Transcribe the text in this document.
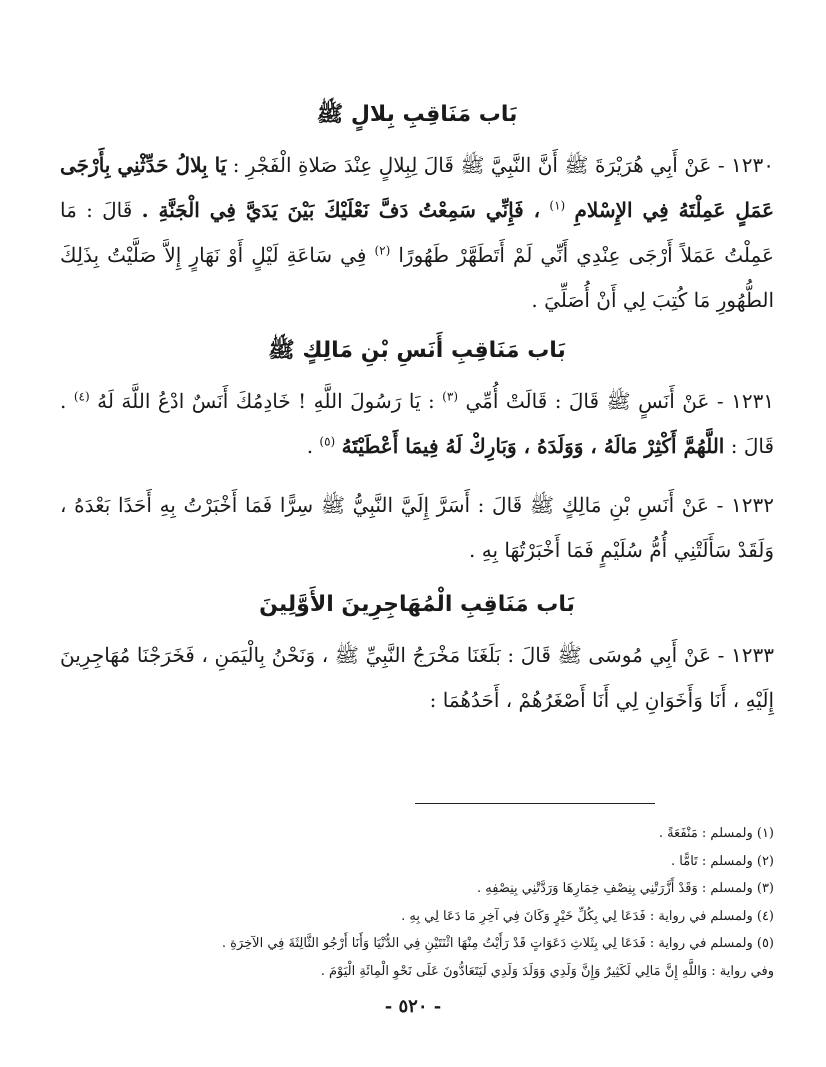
بَاب مَنَاقِبِ بِلالٍ ﷺ

١٢٣٠ - عَنْ أَبِي هُرَيْرَةَ ﷺ أَنَّ النَّبِيَّ ﷺ قَالَ لِبِلالٍ عِنْدَ صَلاةِ الْفَجْرِ : يَا بِلالُ حَدِّثْنِي بِأَرْجَى عَمَلٍ عَمِلْتَهُ فِي الإِسْلامِ $^{(١)}$ ، فَإِنِّي سَمِعْتُ دَفَّ نَعْلَيْكَ بَيْنَ يَدَيَّ فِي الْجَنَّةِ . قَالَ : مَا عَمِلْتُ عَمَلاً أَرْجَى عِنْدِي أَنِّي لَمْ أَتَطَهَّرْ طَهُورًا $^{(٢)}$ فِي سَاعَةِ لَيْلٍ أَوْ نَهَارٍ إِلاَّ صَلَّيْتُ بِذَلِكَ الطُّهُورِ مَا كُتِبَ لِي أَنْ أُصَلِّيَ .

بَاب مَنَاقِبِ أَنَسِ بْنِ مَالِكٍ ﷺ

١٢٣١ - عَنْ أَنَسٍ ﷺ قَالَ : قَالَتْ أُمِّي $^{(٣)}$ : يَا رَسُولَ اللَّهِ ! خَادِمُكَ أَنَسٌ ادْعُ اللَّهَ لَهُ $^{(٤)}$ . قَالَ : اللَّهُمَّ أَكْثِرْ مَالَهُ ، وَوَلَدَهُ ، وَبَارِكْ لَهُ فِيمَا أَعْطَيْتَهُ $^{(٥)}$ .

١٢٣٢ - عَنْ أَنَسِ بْنِ مَالِكٍ ﷺ قَالَ : أَسَرَّ إِلَيَّ النَّبِيُّ ﷺ سِرًّا فَمَا أَخْبَرْتُ بِهِ أَحَدًا بَعْدَهُ ، وَلَقَدْ سَأَلَتْنِي أُمُّ سُلَيْمٍ فَمَا أَخْبَرْتُهَا بِهِ .

بَاب مَنَاقِبِ الْمُهَاجِرِينَ الأَوَّلِينَ

١٢٣٣ - عَنْ أَبِي مُوسَى ﷺ قَالَ : بَلَغَنَا مَخْرَجُ النَّبِيِّ ﷺ ، وَنَحْنُ بِالْيَمَنِ ، فَخَرَجْنَا مُهَاجِرِينَ إِلَيْهِ ، أَنَا وَأَخَوَانِ لِي أَنَا أَصْغَرُهُمْ ، أَحَدُهُمَا :

(١) ولمسلم : مَنْفَعَةً .

(٢) ولمسلم : تَامًّا .

(٣) ولمسلم : وَقَدْ أَزَّرَتْنِي بِنِصْفِ خِمَارِهَا وَرَدَّتْنِي بِنِصْفِهِ .

(٤) ولمسلم في رواية : فَدَعَا لِي بِكُلِّ خَيْرٍ وَكَانَ فِي آخِرِ مَا دَعَا لِي بِهِ .

(٥) ولمسلم في رواية : فَدَعَا لِي بِثَلاثِ دَعَوَاتٍ قَدْ رَأَيْتُ مِنْهَا اثْنَتَيْنِ فِي الدُّنْيَا وَأَنَا أَرْجُو الثَّالِثَةَ فِي الآخِرَةِ .

وفي رواية : وَاللَّهِ إِنَّ مَالِي لَكَثِيرٌ وَإِنَّ وَلَدِي وَوَلَدَ وَلَدِي لَيَتَعَادُّونَ عَلَى نَحْوِ الْمِائَةِ الْيَوْمَ .

- ٥٢٠ -
